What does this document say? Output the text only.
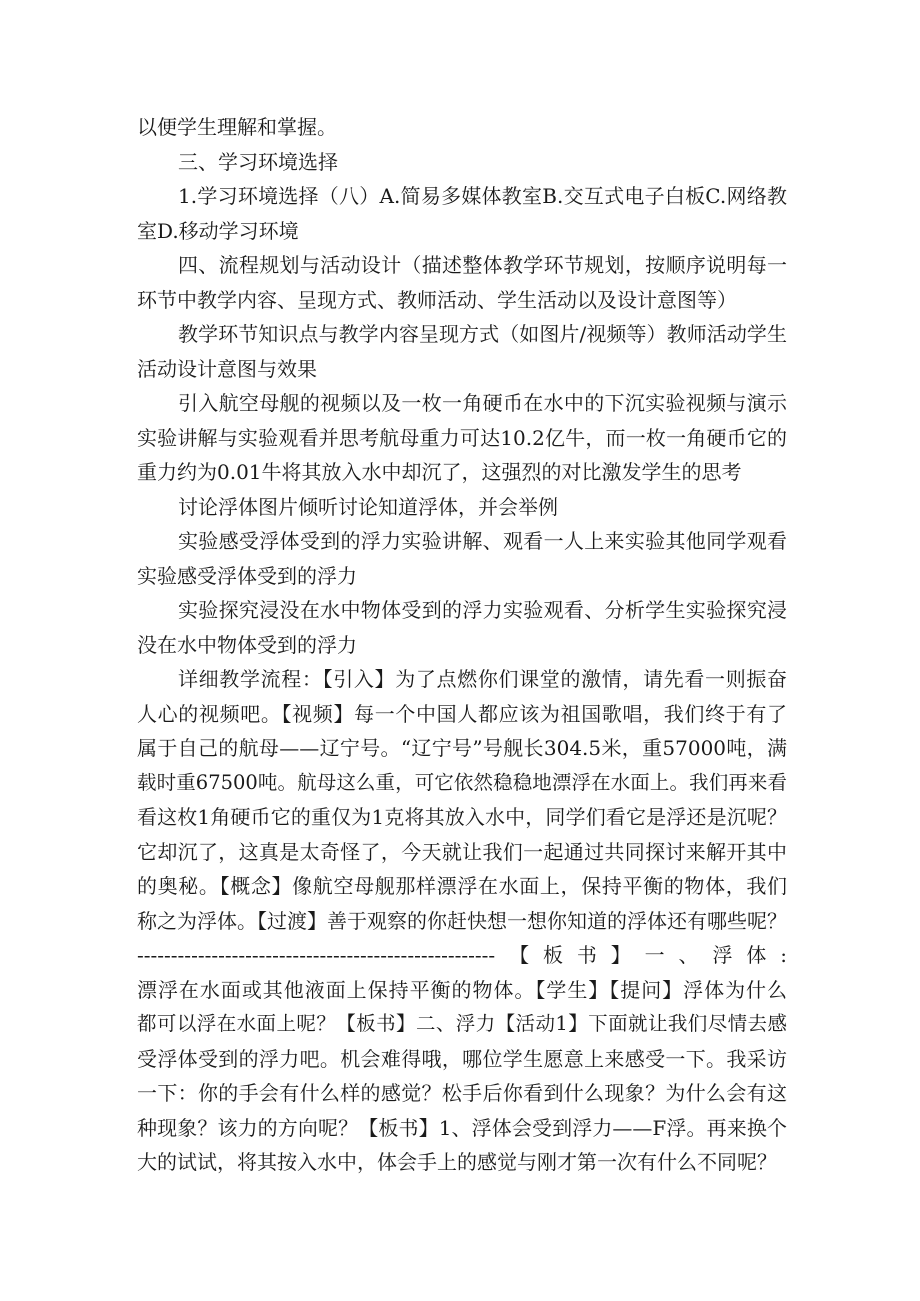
以便学生理解和掌握。
三、学习环境选择
1.学习环境选择（八）A.简易多媒体教室B.交互式电子白板C.网络教
室D.移动学习环境
四、流程规划与活动设计（描述整体教学环节规划，按顺序说明每一
环节中教学内容、呈现方式、教师活动、学生活动以及设计意图等）
教学环节知识点与教学内容呈现方式（如图片/视频等）教师活动学生
活动设计意图与效果
引入航空母舰的视频以及一枚一角硬币在水中的下沉实验视频与演示
实验讲解与实验观看并思考航母重力可达10.2亿牛，而一枚一角硬币它的
重力约为0.01牛将其放入水中却沉了，这强烈的对比激发学生的思考
讨论浮体图片倾听讨论知道浮体，并会举例
实验感受浮体受到的浮力实验讲解、观看一人上来实验其他同学观看
实验感受浮体受到的浮力
实验探究浸没在水中物体受到的浮力实验观看、分析学生实验探究浸
没在水中物体受到的浮力
详细教学流程：【引入】为了点燃你们课堂的激情，请先看一则振奋
人心的视频吧。【视频】每一个中国人都应该为祖国歌唱，我们终于有了
属于自己的航母——辽宁号。“辽宁号”号舰长304.5米，重57000吨，满
载时重67500吨。航母这么重，可它依然稳稳地漂浮在水面上。我们再来看
看这枚1角硬币它的重仅为1克将其放入水中，同学们看它是浮还是沉呢？
它却沉了，这真是太奇怪了，今天就让我们一起通过共同探讨来解开其中
的奥秘。【概念】像航空母舰那样漂浮在水面上，保持平衡的物体，我们
称之为浮体。【过渡】善于观察的你赶快想一想你知道的浮体还有哪些呢？
-----------------------------------------------------【板书】一、浮体:
漂浮在水面或其他液面上保持平衡的物体。【学生】【提问】浮体为什么
都可以浮在水面上呢？【板书】二、浮力【活动1】下面就让我们尽情去感
受浮体受到的浮力吧。机会难得哦，哪位学生愿意上来感受一下。我采访
一下：你的手会有什么样的感觉？松手后你看到什么现象？为什么会有这
种现象？该力的方向呢？【板书】1、浮体会受到浮力——F浮。再来换个
大的试试，将其按入水中，体会手上的感觉与刚才第一次有什么不同呢？
